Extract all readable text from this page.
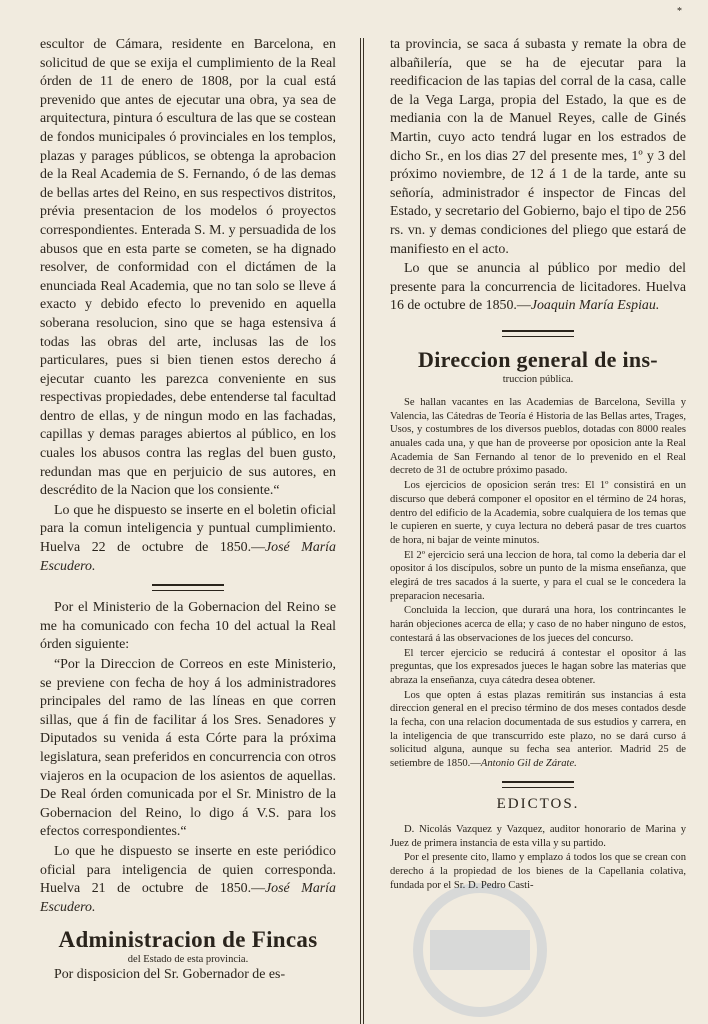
*

escultor de Cámara, residente en Barcelona, en solicitud de que se exija el cumplimiento de la Real órden de 11 de enero de 1808, por la cual está prevenido que antes de ejecutar una obra, ya sea de arquitectura, pintura ó escultura de las que se costean de fondos municipales ó provinciales en los templos, plazas y parages públicos, se obtenga la aprobacion de la Real Academia de S. Fernando, ó de las demas de bellas artes del Reino, en sus respectivos distritos, prévia presentacion de los modelos ó proyectos correspondientes. Enterada S. M. y persuadida de los abusos que en esta parte se cometen, se ha dignado resolver, de conformidad con el dictámen de la enunciada Real Academia, que no tan solo se lleve á exacto y debido efecto lo prevenido en aquella soberana resolucion, sino que se haga estensiva á todas las obras del arte, inclusas las de los particulares, pues si bien tienen estos derecho á ejecutar cuanto les parezca conveniente en sus respectivas propiedades, debe entenderse tal facultad dentro de ellas, y de ningun modo en las fachadas, capillas y demas parages abiertos al público, en los cuales los abusos contra las reglas del buen gusto, redundan mas que en perjuicio de sus autores, en descrédito de la Nacion que los consiente.“

Lo que he dispuesto se inserte en el boletin oficial para la comun inteligencia y puntual cumplimiento. Huelva 22 de octubre de 1850.—José María Escudero.

Por el Ministerio de la Gobernacion del Reino se me ha comunicado con fecha 10 del actual la Real órden siguiente:

“Por la Direccion de Correos en este Ministerio, se previene con fecha de hoy á los administradores principales del ramo de las líneas en que corren sillas, que á fin de facilitar á los Sres. Senadores y Diputados su venida á esta Córte para la próxima legislatura, sean preferidos en concurrencia con otros viajeros en la ocupacion de los asientos de aquellas. De Real órden comunicada por el Sr. Ministro de la Gobernacion del Reino, lo digo á V.S. para los efectos correspondientes.“

Lo que he dispuesto se inserte en este periódico oficial para inteligencia de quien corresponda. Huelva 21 de octubre de 1850.—José María Escudero.

Administracion de Fincas
del Estado de esta provincia.

Por disposicion del Sr. Gobernador de es-

ta provincia, se saca á subasta y remate la obra de albañilería, que se ha de ejecutar para la reedificacion de las tapias del corral de la casa, calle de la Vega Larga, propia del Estado, la que es de mediania con la de Manuel Reyes, calle de Ginés Martin, cuyo acto tendrá lugar en los estrados de dicho Sr., en los dias 27 del presente mes, 1º y 3 del próximo noviembre, de 12 á 1 de la tarde, ante su señoría, administrador é inspector de Fincas del Estado, y secretario del Gobierno, bajo el tipo de 256 rs. vn. y demas condiciones del pliego que estará de manifiesto en el acto.

Lo que se anuncia al público por medio del presente para la concurrencia de licitadores. Huelva 16 de octubre de 1850.—Joaquin María Espiau.

Direccion general de ins-
truccion pública.

Se hallan vacantes en las Academias de Barcelona, Sevilla y Valencia, las Cátedras de Teoría é Historia de las Bellas artes, Trages, Usos, y costumbres de los diversos pueblos, dotadas con 8000 reales anuales cada una, y que han de proveerse por oposicion ante la Real Academia de San Fernando al tenor de lo prevenido en el Real decreto de 31 de octubre próximo pasado.

Los ejercicios de oposicion serán tres: El 1º consistirá en un discurso que deberá componer el opositor en el término de 24 horas, dentro del edificio de la Academia, sobre cualquiera de los temas que le cupieren en suerte, y cuya lectura no deberá pasar de tres cuartos de hora, ni bajar de veinte minutos.

El 2º ejercicio será una leccion de hora, tal como la deberia dar el opositor á los discípulos, sobre un punto de la misma enseñanza, que elegirá de tres sacados á la suerte, y para el cual se le concedera la preparacion necesaria.

Concluida la leccion, que durará una hora, los contrincantes le harán objeciones acerca de ella; y caso de no haber ninguno de estos, contestará á las observaciones de los jueces del concurso.

El tercer ejercicio se reducirá á contestar el opositor á las preguntas, que los expresados jueces le hagan sobre las materias que abraza la enseñanza, cuya cátedra desea obtener.

Los que opten á estas plazas remitirán sus instancias á esta direccion general en el preciso término de dos meses contados desde la fecha, con una relacion documentada de sus estudios y carrera, en la inteligencia de que transcurrido este plazo, no se dará curso á solicitud alguna, aunque su fecha sea anterior. Madrid 25 de setiembre de 1850.—Antonio Gil de Zárate.

EDICTOS.

D. Nicolás Vazquez y Vazquez, auditor honorario de Marina y Juez de primera instancia de esta villa y su partido.

Por el presente cito, llamo y emplazo á todos los que se crean con derecho á la propiedad de los bienes de la Capellania colativa, fundada por el Sr. D. Pedro Casti-
